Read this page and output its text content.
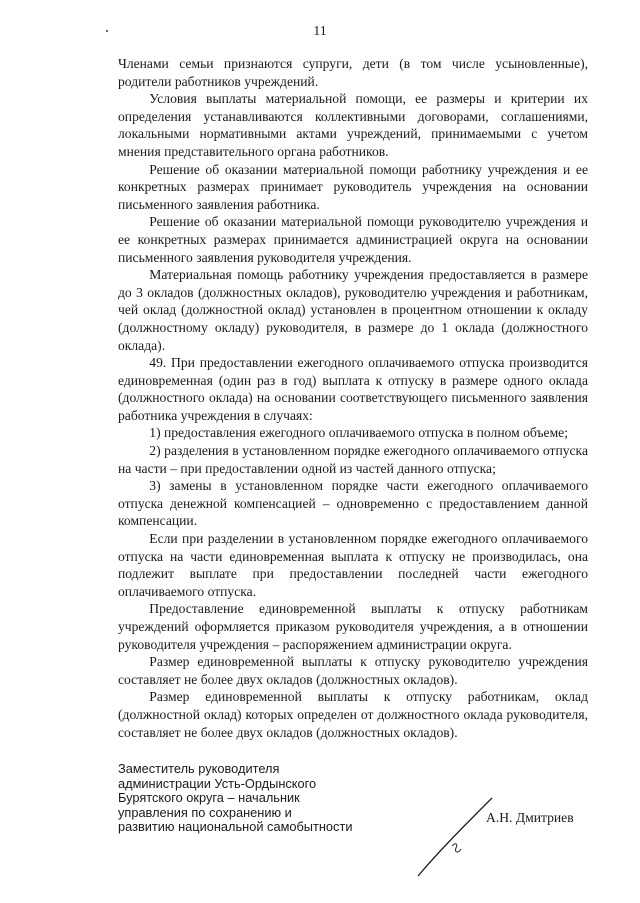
11

Членами семьи признаются супруги, дети (в том числе усыновленные), родители работников учреждений.

Условия выплаты материальной помощи, ее размеры и критерии их определения устанавливаются коллективными договорами, соглашениями, локальными нормативными актами учреждений, принимаемыми с учетом мнения представительного органа работников.

Решение об оказании материальной помощи работнику учреждения и ее конкретных размерах принимает руководитель учреждения на основании письменного заявления работника.

Решение об оказании материальной помощи руководителю учреждения и ее конкретных размерах принимается администрацией округа на основании письменного заявления руководителя учреждения.

Материальная помощь работнику учреждения предоставляется в размере до 3 окладов (должностных окладов), руководителю учреждения и работникам, чей оклад (должностной оклад) установлен в процентном отношении к окладу (должностному окладу) руководителя, в размере до 1 оклада (должностного оклада).

49. При предоставлении ежегодного оплачиваемого отпуска производится единовременная (один раз в год) выплата к отпуску в размере одного оклада (должностного оклада) на основании соответствующего письменного заявления работника учреждения в случаях:

1) предоставления ежегодного оплачиваемого отпуска в полном объеме;

2) разделения в установленном порядке ежегодного оплачиваемого отпуска на части – при предоставлении одной из частей данного отпуска;

3) замены в установленном порядке части ежегодного оплачиваемого отпуска денежной компенсацией – одновременно с предоставлением данной компенсации.

Если при разделении в установленном порядке ежегодного оплачиваемого отпуска на части единовременная выплата к отпуску не производилась, она подлежит выплате при предоставлении последней части ежегодного оплачиваемого отпуска.

Предоставление единовременной выплаты к отпуску работникам учреждений оформляется приказом руководителя учреждения, а в отношении руководителя учреждения – распоряжением администрации округа.

Размер единовременной выплаты к отпуску руководителю учреждения составляет не более двух окладов (должностных окладов).

Размер единовременной выплаты к отпуску работникам, оклад (должностной оклад) которых определен от должностного оклада руководителя, составляет не более двух окладов (должностных окладов).

Заместитель руководителя
администрации Усть-Ордынского
Бурятского округа – начальник
управления по сохранению и
развитию национальной самобытности
А.Н. Дмитриев
